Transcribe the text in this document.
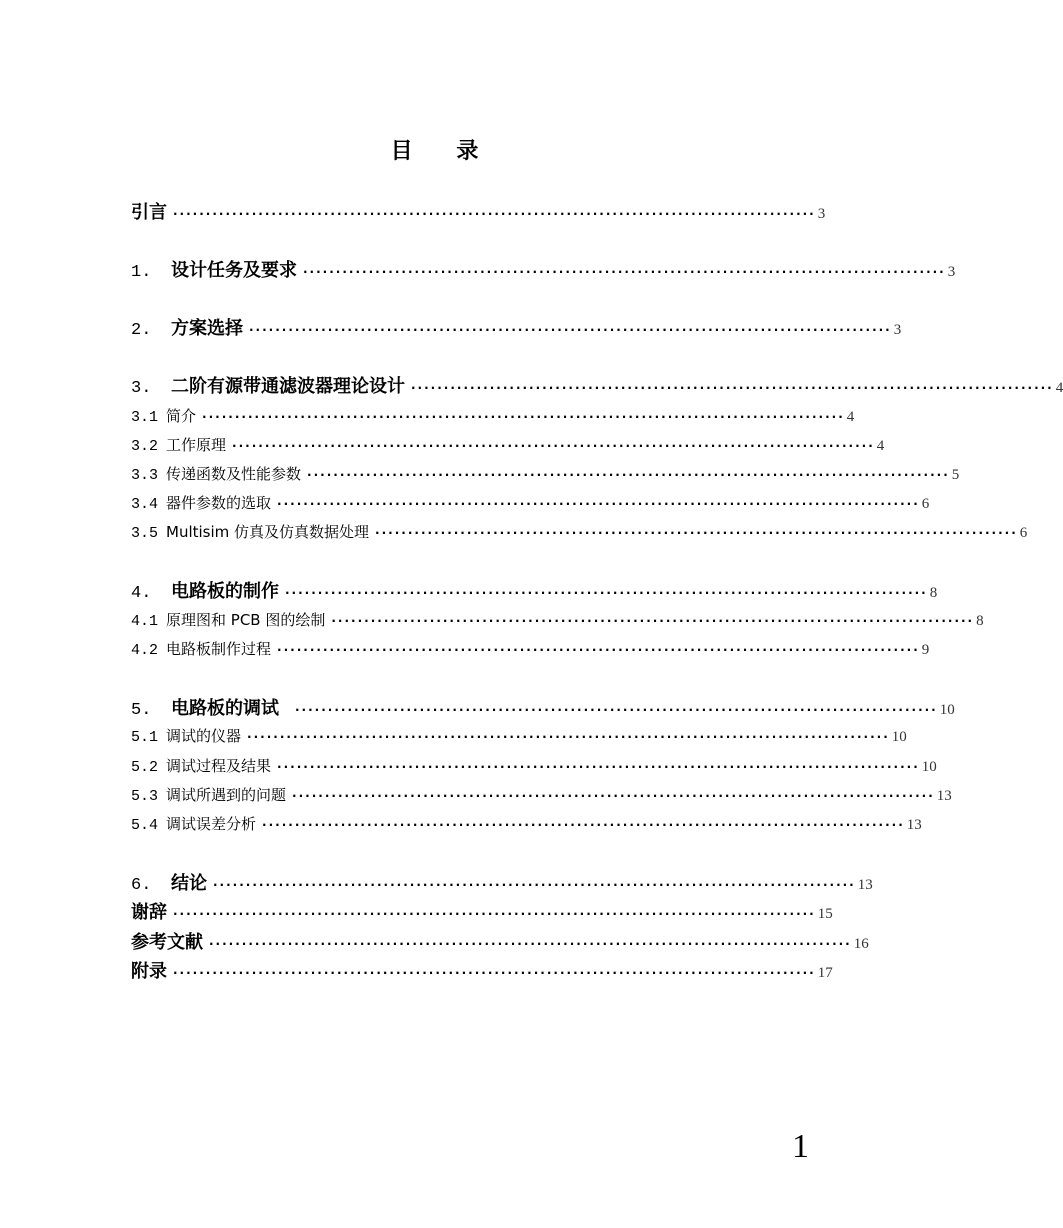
目 录
引言 ·································································································· 3
1. 设计任务及要求 ·································································································· 3
2. 方案选择 ·································································································· 3
3. 二阶有源带通滤波器理论设计 ·································································································· 4
3.1 简介 ·································································································· 4
3.2 工作原理 ·································································································· 4
3.3 传递函数及性能参数 ·································································································· 5
3.4 器件参数的选取 ·································································································· 6
3.5 Multisim 仿真及仿真数据处理 ·································································································· 6
4. 电路板的制作 ·································································································· 8
4.1 原理图和 PCB 图的绘制 ·································································································· 8
4.2 电路板制作过程 ·································································································· 9
5. 电路板的调试 ·································································································· 10
5.1 调试的仪器 ·································································································· 10
5.2 调试过程及结果 ·································································································· 10
5.3 调试所遇到的问题 ·································································································· 13
5.4 调试误差分析 ·································································································· 13
6. 结论 ·································································································· 13
谢辞 ·································································································· 15
参考文献 ·································································································· 16
附录 ·································································································· 17
1
